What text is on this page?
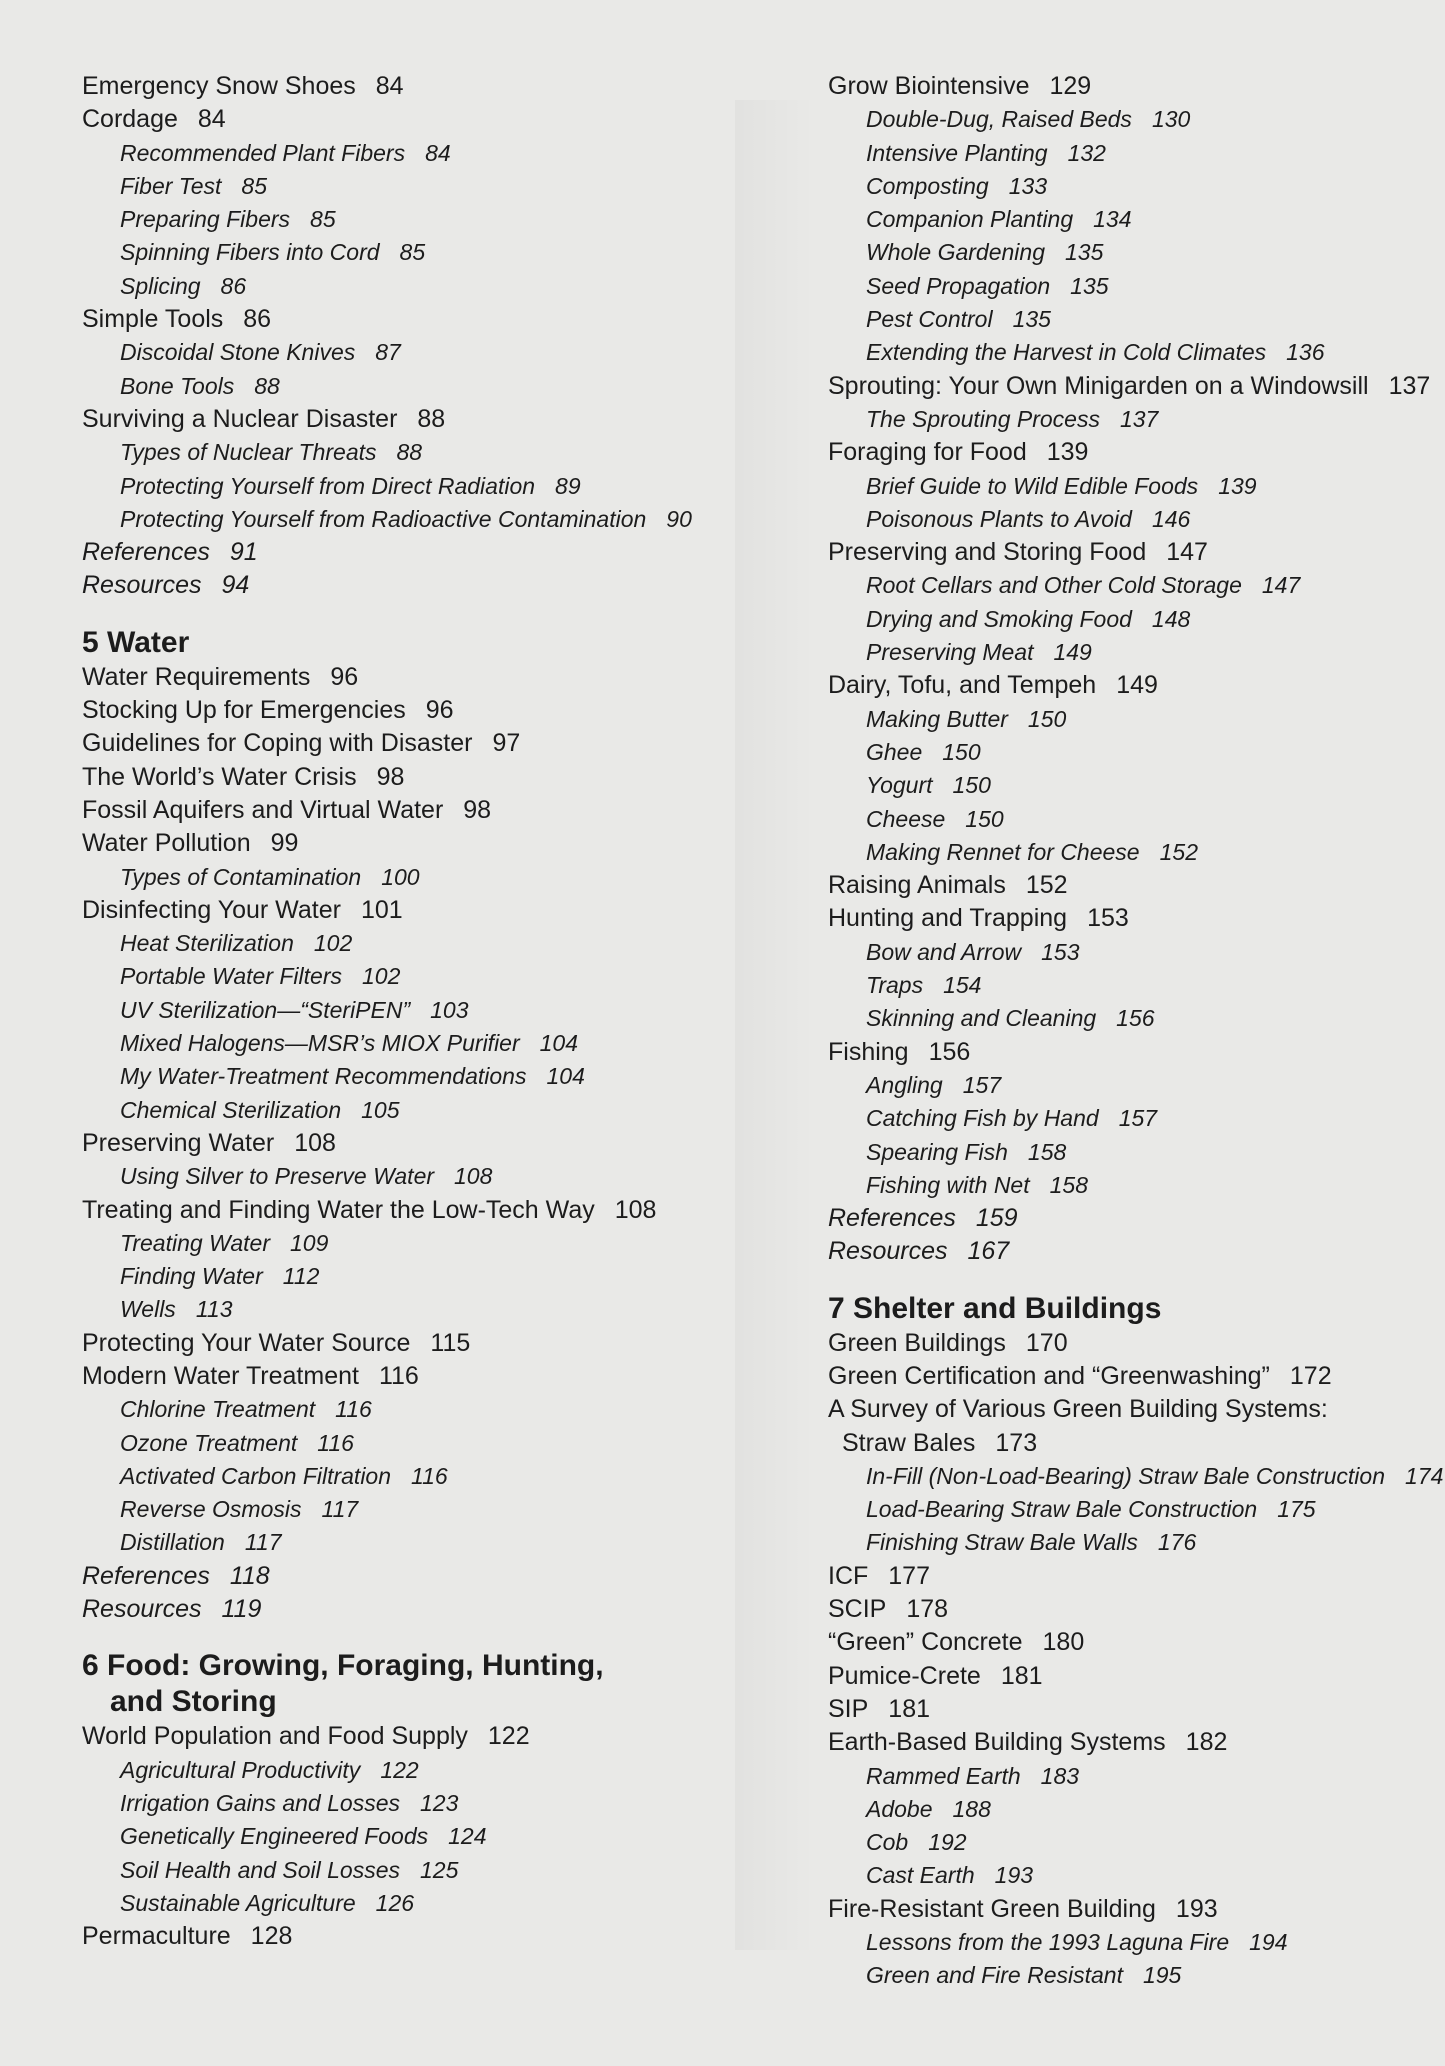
Emergency Snow Shoes 84
Cordage 84
Recommended Plant Fibers 84
Fiber Test 85
Preparing Fibers 85
Spinning Fibers into Cord 85
Splicing 86
Simple Tools 86
Discoidal Stone Knives 87
Bone Tools 88
Surviving a Nuclear Disaster 88
Types of Nuclear Threats 88
Protecting Yourself from Direct Radiation 89
Protecting Yourself from Radioactive Contamination 90
References 91
Resources 94
5 Water
Water Requirements 96
Stocking Up for Emergencies 96
Guidelines for Coping with Disaster 97
The World’s Water Crisis 98
Fossil Aquifers and Virtual Water 98
Water Pollution 99
Types of Contamination 100
Disinfecting Your Water 101
Heat Sterilization 102
Portable Water Filters 102
UV Sterilization—“SteriPEN” 103
Mixed Halogens—MSR’s MIOX Purifier 104
My Water-Treatment Recommendations 104
Chemical Sterilization 105
Preserving Water 108
Using Silver to Preserve Water 108
Treating and Finding Water the Low-Tech Way 108
Treating Water 109
Finding Water 112
Wells 113
Protecting Your Water Source 115
Modern Water Treatment 116
Chlorine Treatment 116
Ozone Treatment 116
Activated Carbon Filtration 116
Reverse Osmosis 117
Distillation 117
References 118
Resources 119
6 Food: Growing, Foraging, Hunting,
and Storing
World Population and Food Supply 122
Agricultural Productivity 122
Irrigation Gains and Losses 123
Genetically Engineered Foods 124
Soil Health and Soil Losses 125
Sustainable Agriculture 126
Permaculture 128
Grow Biointensive 129
Double-Dug, Raised Beds 130
Intensive Planting 132
Composting 133
Companion Planting 134
Whole Gardening 135
Seed Propagation 135
Pest Control 135
Extending the Harvest in Cold Climates 136
Sprouting: Your Own Minigarden on a Windowsill 137
The Sprouting Process 137
Foraging for Food 139
Brief Guide to Wild Edible Foods 139
Poisonous Plants to Avoid 146
Preserving and Storing Food 147
Root Cellars and Other Cold Storage 147
Drying and Smoking Food 148
Preserving Meat 149
Dairy, Tofu, and Tempeh 149
Making Butter 150
Ghee 150
Yogurt 150
Cheese 150
Making Rennet for Cheese 152
Raising Animals 152
Hunting and Trapping 153
Bow and Arrow 153
Traps 154
Skinning and Cleaning 156
Fishing 156
Angling 157
Catching Fish by Hand 157
Spearing Fish 158
Fishing with Net 158
References 159
Resources 167
7 Shelter and Buildings
Green Buildings 170
Green Certification and “Greenwashing” 172
A Survey of Various Green Building Systems:
Straw Bales 173
In-Fill (Non-Load-Bearing) Straw Bale Construction 174
Load-Bearing Straw Bale Construction 175
Finishing Straw Bale Walls 176
ICF 177
SCIP 178
“Green” Concrete 180
Pumice-Crete 181
SIP 181
Earth-Based Building Systems 182
Rammed Earth 183
Adobe 188
Cob 192
Cast Earth 193
Fire-Resistant Green Building 193
Lessons from the 1993 Laguna Fire 194
Green and Fire Resistant 195
